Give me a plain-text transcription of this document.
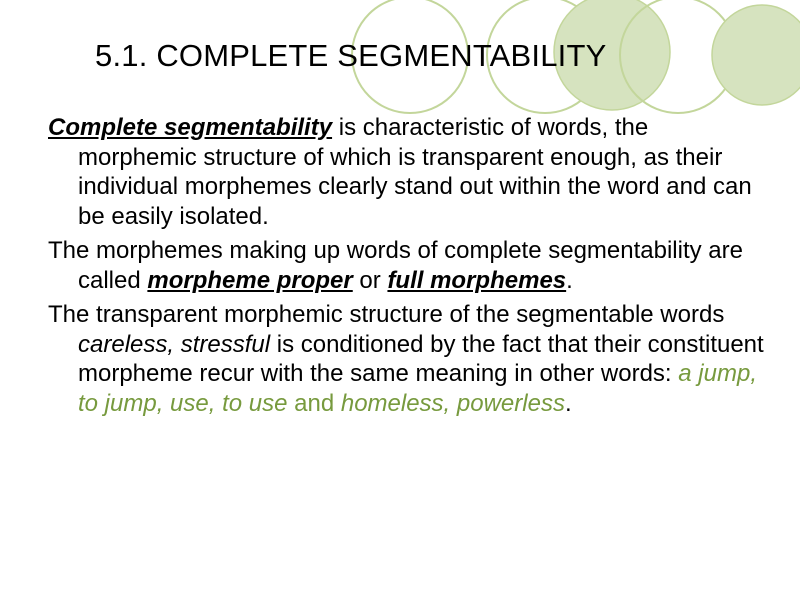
5.1. COMPLETE SEGMENTABILITY

Complete segmentability is characteristic of words, the morphemic structure of which is transparent enough, as their individual morphemes clearly stand out within the word and can be easily isolated.

The morphemes making up words of complete segmentability are called morpheme proper or full morphemes.

The transparent morphemic structure of the segmentable words careless, stressful is conditioned by the fact that their constituent morpheme recur with the same meaning in other words: a jump, to jump, use, to use and homeless, powerless.
